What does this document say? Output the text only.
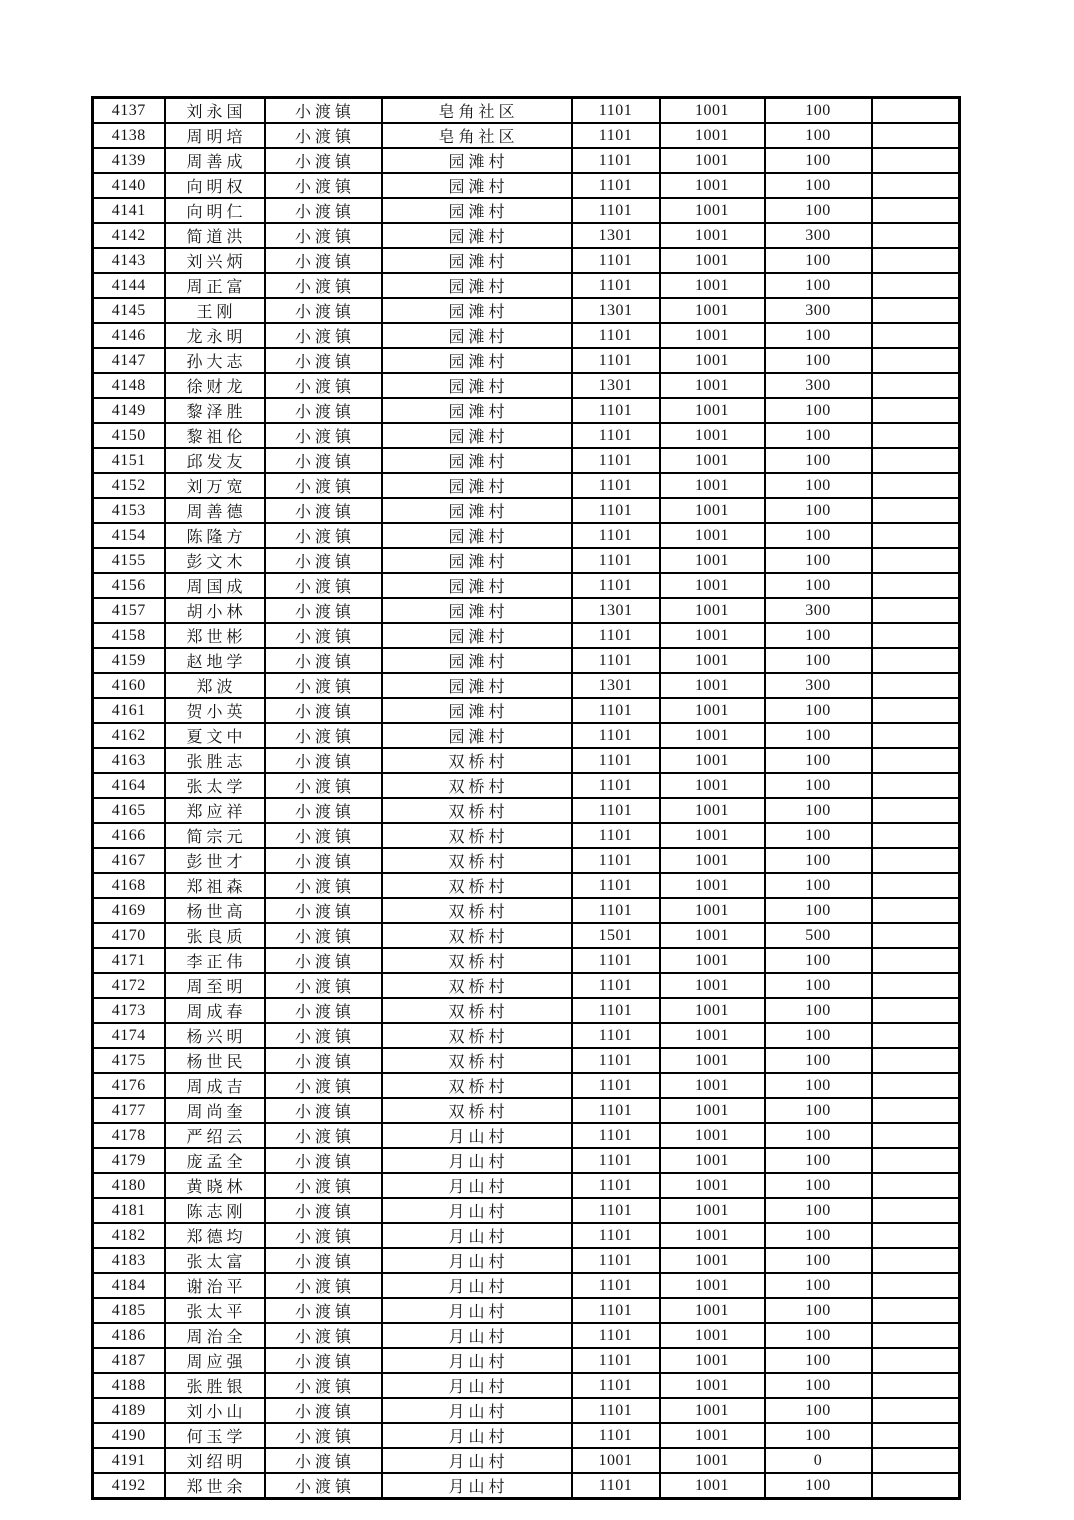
4137	刘永国	小渡镇	皂角社区	1101	1001	100	
4138	周明培	小渡镇	皂角社区	1101	1001	100	
4139	周善成	小渡镇	园滩村	1101	1001	100	
4140	向明权	小渡镇	园滩村	1101	1001	100	
4141	向明仁	小渡镇	园滩村	1101	1001	100	
4142	简道洪	小渡镇	园滩村	1301	1001	300	
4143	刘兴炳	小渡镇	园滩村	1101	1001	100	
4144	周正富	小渡镇	园滩村	1101	1001	100	
4145	王刚	小渡镇	园滩村	1301	1001	300	
4146	龙永明	小渡镇	园滩村	1101	1001	100	
4147	孙大志	小渡镇	园滩村	1101	1001	100	
4148	徐财龙	小渡镇	园滩村	1301	1001	300	
4149	黎泽胜	小渡镇	园滩村	1101	1001	100	
4150	黎祖伦	小渡镇	园滩村	1101	1001	100	
4151	邱发友	小渡镇	园滩村	1101	1001	100	
4152	刘万宽	小渡镇	园滩村	1101	1001	100	
4153	周善德	小渡镇	园滩村	1101	1001	100	
4154	陈隆方	小渡镇	园滩村	1101	1001	100	
4155	彭文木	小渡镇	园滩村	1101	1001	100	
4156	周国成	小渡镇	园滩村	1101	1001	100	
4157	胡小林	小渡镇	园滩村	1301	1001	300	
4158	郑世彬	小渡镇	园滩村	1101	1001	100	
4159	赵地学	小渡镇	园滩村	1101	1001	100	
4160	郑波	小渡镇	园滩村	1301	1001	300	
4161	贺小英	小渡镇	园滩村	1101	1001	100	
4162	夏文中	小渡镇	园滩村	1101	1001	100	
4163	张胜志	小渡镇	双桥村	1101	1001	100	
4164	张太学	小渡镇	双桥村	1101	1001	100	
4165	郑应祥	小渡镇	双桥村	1101	1001	100	
4166	简宗元	小渡镇	双桥村	1101	1001	100	
4167	彭世才	小渡镇	双桥村	1101	1001	100	
4168	郑祖森	小渡镇	双桥村	1101	1001	100	
4169	杨世高	小渡镇	双桥村	1101	1001	100	
4170	张良质	小渡镇	双桥村	1501	1001	500	
4171	李正伟	小渡镇	双桥村	1101	1001	100	
4172	周至明	小渡镇	双桥村	1101	1001	100	
4173	周成春	小渡镇	双桥村	1101	1001	100	
4174	杨兴明	小渡镇	双桥村	1101	1001	100	
4175	杨世民	小渡镇	双桥村	1101	1001	100	
4176	周成吉	小渡镇	双桥村	1101	1001	100	
4177	周尚奎	小渡镇	双桥村	1101	1001	100	
4178	严绍云	小渡镇	月山村	1101	1001	100	
4179	庞孟全	小渡镇	月山村	1101	1001	100	
4180	黄晓林	小渡镇	月山村	1101	1001	100	
4181	陈志刚	小渡镇	月山村	1101	1001	100	
4182	郑德均	小渡镇	月山村	1101	1001	100	
4183	张太富	小渡镇	月山村	1101	1001	100	
4184	谢治平	小渡镇	月山村	1101	1001	100	
4185	张太平	小渡镇	月山村	1101	1001	100	
4186	周治全	小渡镇	月山村	1101	1001	100	
4187	周应强	小渡镇	月山村	1101	1001	100	
4188	张胜银	小渡镇	月山村	1101	1001	100	
4189	刘小山	小渡镇	月山村	1101	1001	100	
4190	何玉学	小渡镇	月山村	1101	1001	100	
4191	刘绍明	小渡镇	月山村	1001	1001	0	
4192	郑世余	小渡镇	月山村	1101	1001	100	
